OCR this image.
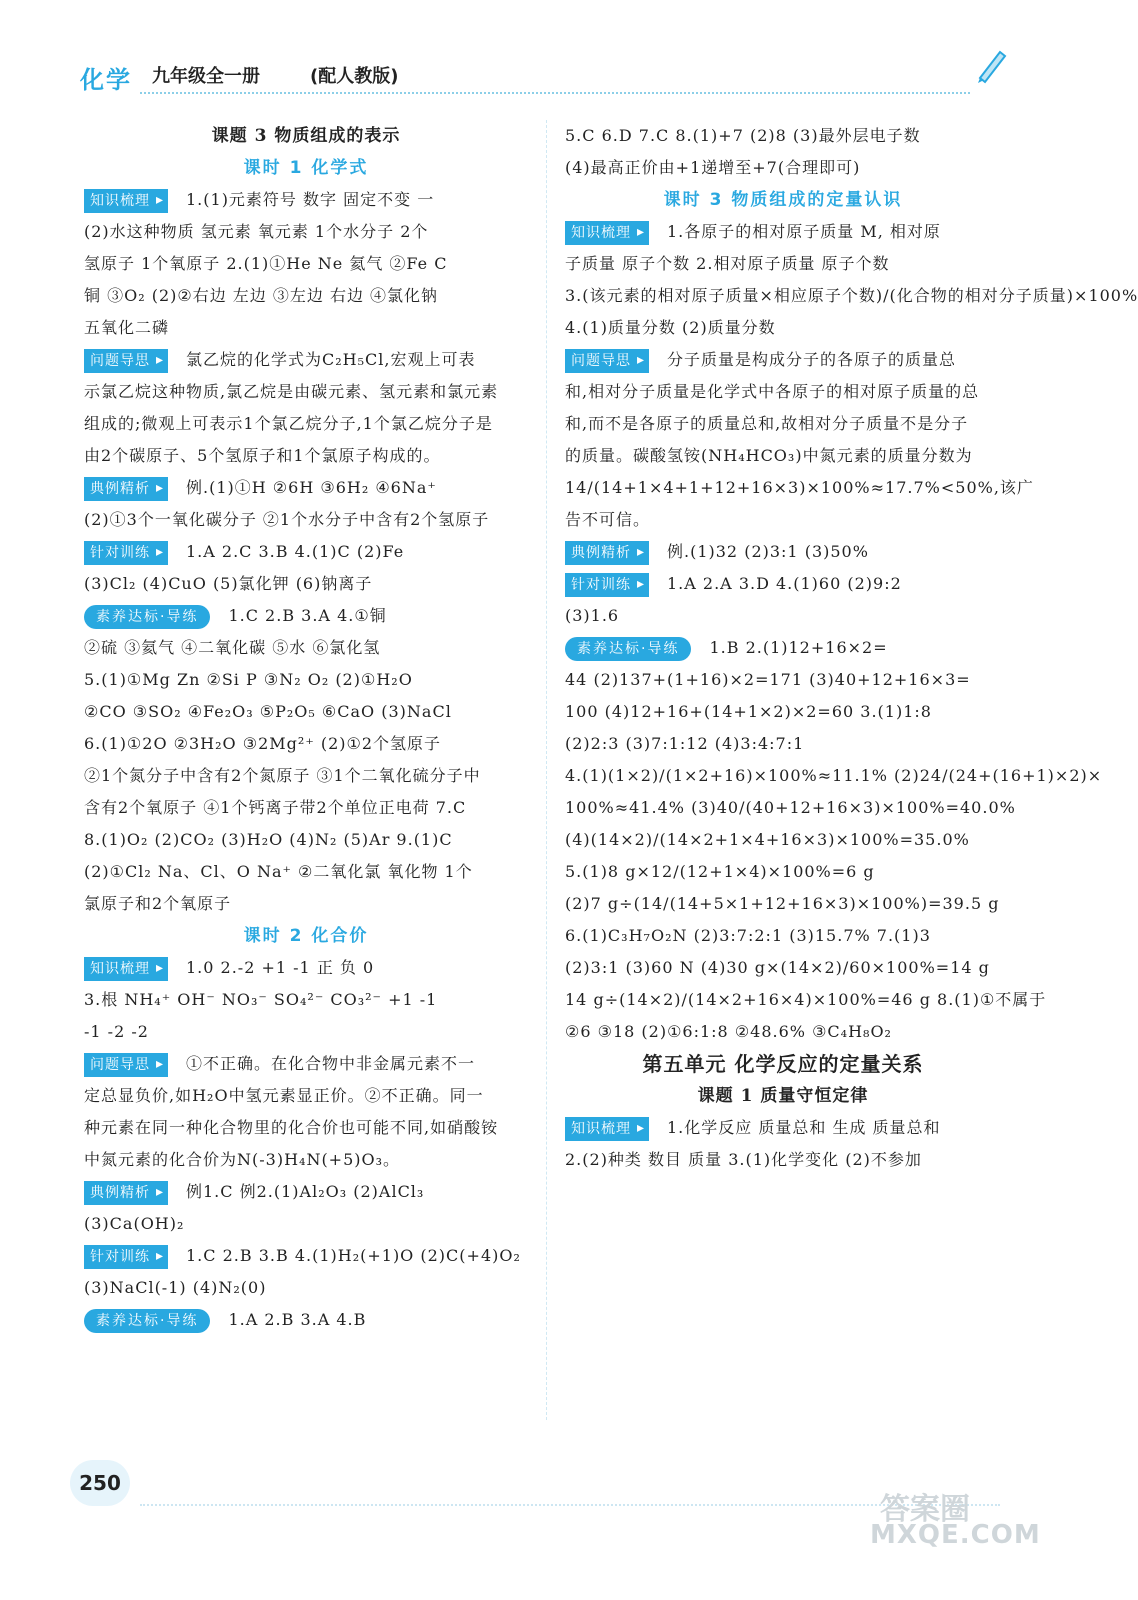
化学 九年级全一册	(配人教版)
课题 3 物质组成的表示
课时 1 化学式
知识梳理 ▸ 1.(1)元素符号 数字 固定不变 一
(2)水这种物质 氢元素 氧元素 1个水分子 2个
氢原子 1个氧原子 2.(1)①He Ne 氦气 ②Fe C
铜 ③O₂ (2)②右边 左边 ③左边 右边 ④氯化钠
五氧化二磷
问题导思 ▸ 氯乙烷的化学式为C₂H₅Cl,宏观上可表
示氯乙烷这种物质,氯乙烷是由碳元素、氢元素和氯元素
组成的;微观上可表示1个氯乙烷分子,1个氯乙烷分子是
由2个碳原子、5个氢原子和1个氯原子构成的。
典例精析 ▸ 例.(1)①H ②6H ③6H₂ ④6Na⁺
(2)①3个一氧化碳分子 ②1个水分子中含有2个氢原子
针对训练 ▸ 1.A 2.C 3.B 4.(1)C (2)Fe
(3)Cl₂ (4)CuO (5)氯化钾 (6)钠离子
素养达标·导练 1.C 2.B 3.A 4.①铜
②硫 ③氦气 ④二氧化碳 ⑤水 ⑥氯化氢
5.(1)①Mg Zn ②Si P ③N₂ O₂ (2)①H₂O
②CO ③SO₂ ④Fe₂O₃ ⑤P₂O₅ ⑥CaO (3)NaCl
6.(1)①2O ②3H₂O ③2Mg²⁺ (2)①2个氢原子
②1个氮分子中含有2个氮原子 ③1个二氧化硫分子中
含有2个氧原子 ④1个钙离子带2个单位正电荷 7.C
8.(1)O₂ (2)CO₂ (3)H₂O (4)N₂ (5)Ar 9.(1)C
(2)①Cl₂ Na、Cl、O Na⁺ ②二氧化氯 氧化物 1个
氯原子和2个氧原子
课时 2 化合价
知识梳理 ▸ 1.0 2.-2 +1 -1 正 负 0
3.根 NH₄⁺ OH⁻ NO₃⁻ SO₄²⁻ CO₃²⁻ +1 -1
-1 -2 -2
问题导思 ▸ ①不正确。在化合物中非金属元素不一
定总显负价,如H₂O中氢元素显正价。②不正确。同一
种元素在同一种化合物里的化合价也可能不同,如硝酸铵
中氮元素的化合价为N(-3)H₄N(+5)O₃。
典例精析 ▸ 例1.C 例2.(1)Al₂O₃ (2)AlCl₃
(3)Ca(OH)₂
针对训练 ▸ 1.C 2.B 3.B 4.(1)H₂(+1)O (2)C(+4)O₂
(3)NaCl(-1) (4)N₂(0)
素养达标·导练 1.A 2.B 3.A 4.B
5.C 6.D 7.C 8.(1)+7 (2)8 (3)最外层电子数
(4)最高正价由+1递增至+7(合理即可)
课时 3 物质组成的定量认识
知识梳理 ▸ 1.各原子的相对原子质量 M, 相对原
子质量 原子个数 2.相对原子质量 原子个数
3.(该元素的相对原子质量×相应原子个数)/(化合物的相对分子质量)×100%
4.(1)质量分数 (2)质量分数
问题导思 ▸ 分子质量是构成分子的各原子的质量总
和,相对分子质量是化学式中各原子的相对原子质量的总
和,而不是各原子的质量总和,故相对分子质量不是分子
的质量。碳酸氢铵(NH₄HCO₃)中氮元素的质量分数为
14/(14+1×4+1+12+16×3)×100%≈17.7%<50%,该广
告不可信。
典例精析 ▸ 例.(1)32 (2)3:1 (3)50%
针对训练 ▸ 1.A 2.A 3.D 4.(1)60 (2)9:2
(3)1.6
素养达标·导练 1.B 2.(1)12+16×2=
44 (2)137+(1+16)×2=171 (3)40+12+16×3=
100 (4)12+16+(14+1×2)×2=60 3.(1)1:8
(2)2:3 (3)7:1:12 (4)3:4:7:1
4.(1)(1×2)/(1×2+16)×100%≈11.1% (2)24/(24+(16+1)×2)×
100%≈41.4% (3)40/(40+12+16×3)×100%=40.0%
(4)(14×2)/(14×2+1×4+16×3)×100%=35.0%
5.(1)8 g×12/(12+1×4)×100%=6 g
(2)7 g÷(14/(14+5×1+12+16×3)×100%)=39.5 g
6.(1)C₃H₇O₂N (2)3:7:2:1 (3)15.7% 7.(1)3
(2)3:1 (3)60 N (4)30 g×(14×2)/60×100%=14 g
14 g÷(14×2)/(14×2+16×4)×100%=46 g 8.(1)①不属于
②6 ③18 (2)①6:1:8 ②48.6% ③C₄H₈O₂
第五单元 化学反应的定量关系
课题 1 质量守恒定律
知识梳理 ▸ 1.化学反应 质量总和 生成 质量总和
2.(2)种类 数目 质量 3.(1)化学变化 (2)不参加
250
答案圈
MXQE.COM
